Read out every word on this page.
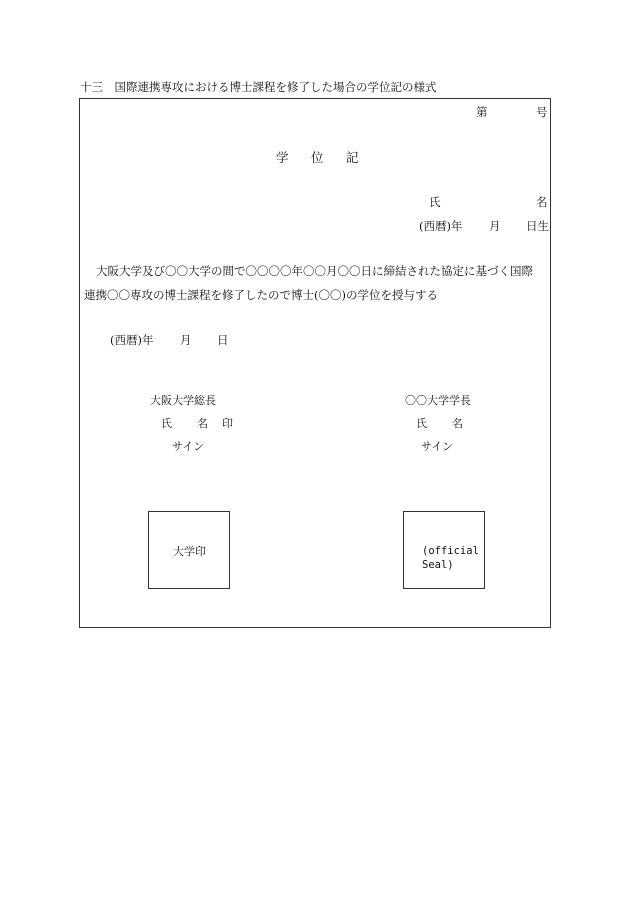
十三　国際連携専攻における博士課程を修了した場合の学位記の様式
第	号
学 位 記
氏	名
(西暦)年 月 日生
大阪大学及び〇〇大学の間で〇〇〇〇年〇〇月〇〇日に締結された協定に基づく国際
連携〇〇専攻の博士課程を修了したので博士(〇〇)の学位を授与する
(西暦)年 月 日
大阪大学総長
氏 名 印
サイン
〇〇大学学長
氏 名
サイン
大学印	(official
Seal)
